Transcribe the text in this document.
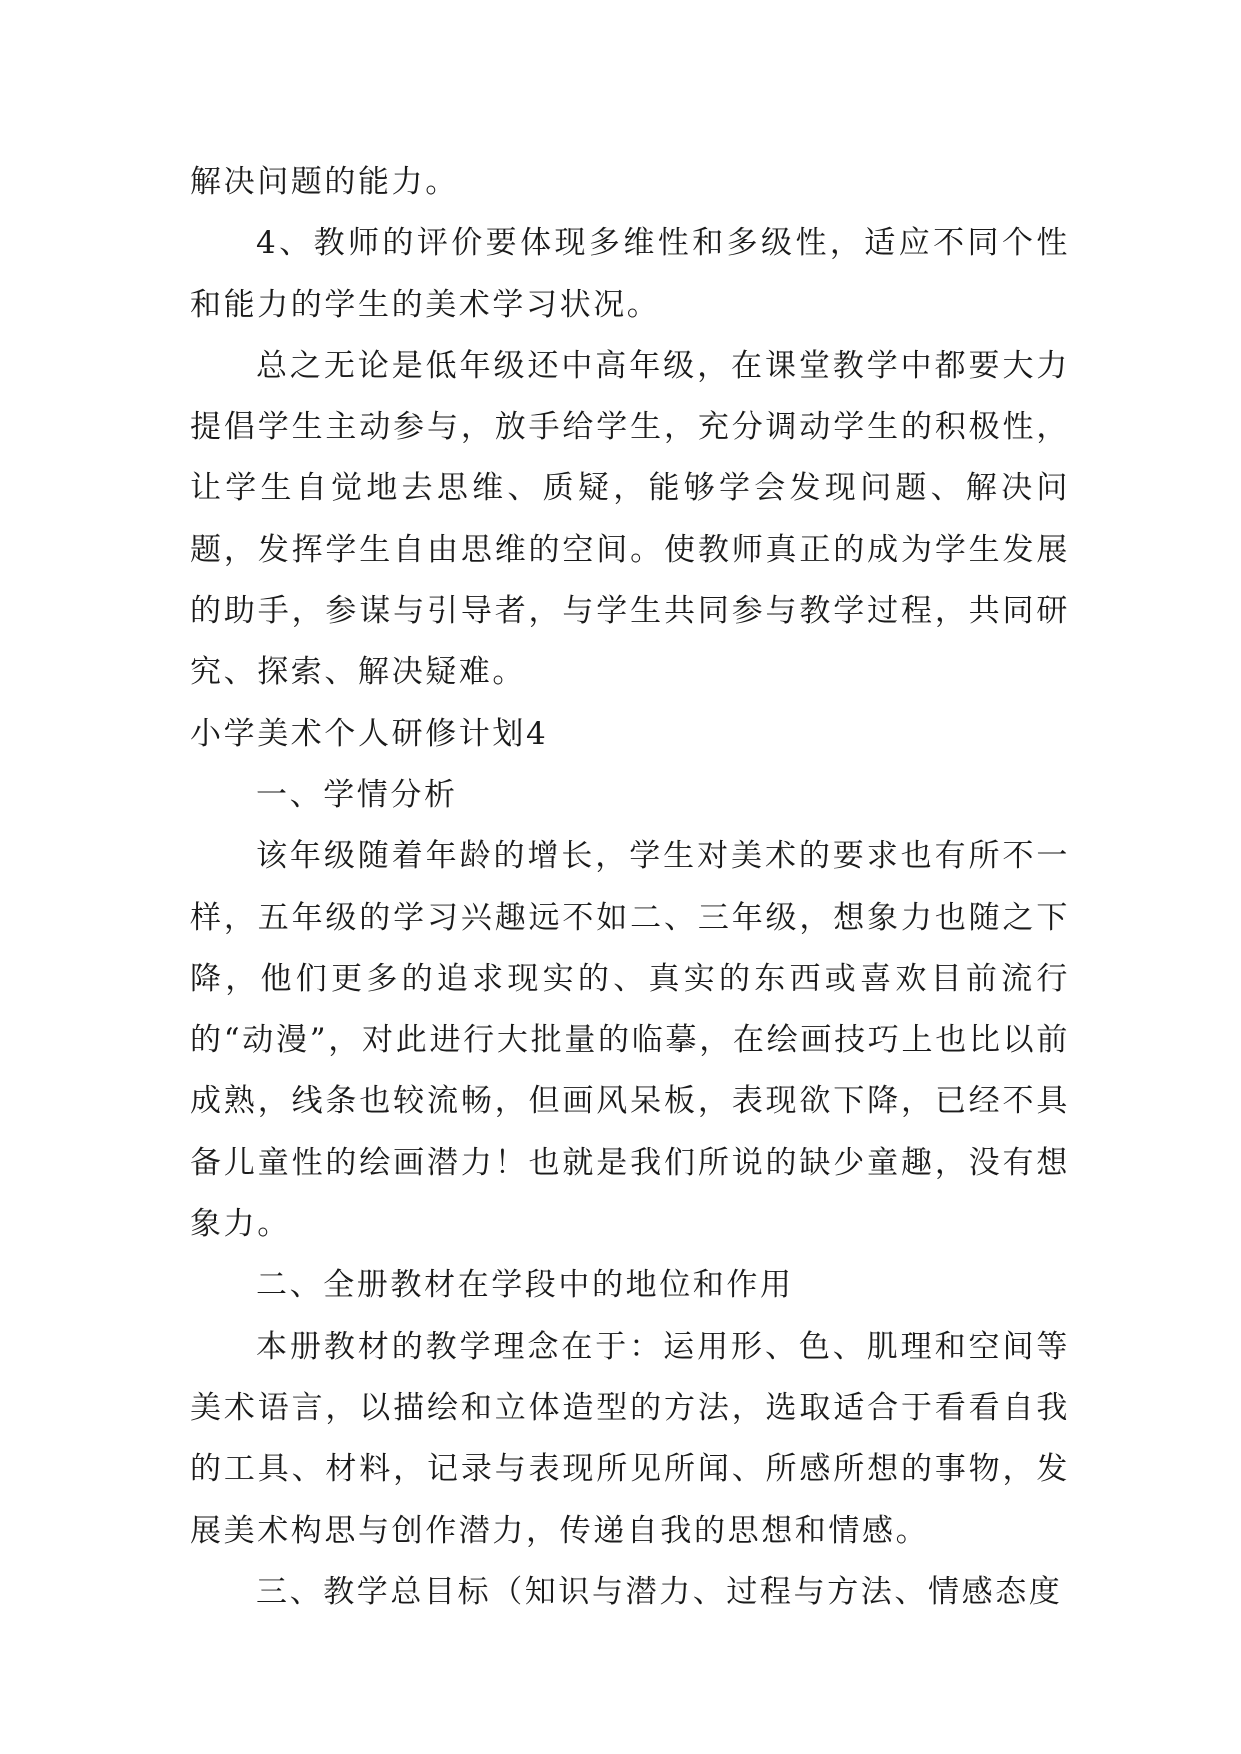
解决问题的能力。

4、教师的评价要体现多维性和多级性，适应不同个性和能力的学生的美术学习状况。

总之无论是低年级还中高年级，在课堂教学中都要大力提倡学生主动参与，放手给学生，充分调动学生的积极性，让学生自觉地去思维、质疑，能够学会发现问题、解决问题，发挥学生自由思维的空间。使教师真正的成为学生发展的助手，参谋与引导者，与学生共同参与教学过程，共同研究、探索、解决疑难。

小学美术个人研修计划4

一、学情分析

该年级随着年龄的增长，学生对美术的要求也有所不一样，五年级的学习兴趣远不如二、三年级，想象力也随之下降，他们更多的追求现实的、真实的东西或喜欢目前流行的“动漫”，对此进行大批量的临摹，在绘画技巧上也比以前成熟，线条也较流畅，但画风呆板，表现欲下降，已经不具备儿童性的绘画潜力！也就是我们所说的缺少童趣，没有想象力。

二、全册教材在学段中的地位和作用

本册教材的教学理念在于：运用形、色、肌理和空间等美术语言，以描绘和立体造型的方法，选取适合于看看自我的工具、材料，记录与表现所见所闻、所感所想的事物，发展美术构思与创作潜力，传递自我的思想和情感。

三、教学总目标（知识与潜力、过程与方法、情感态度
